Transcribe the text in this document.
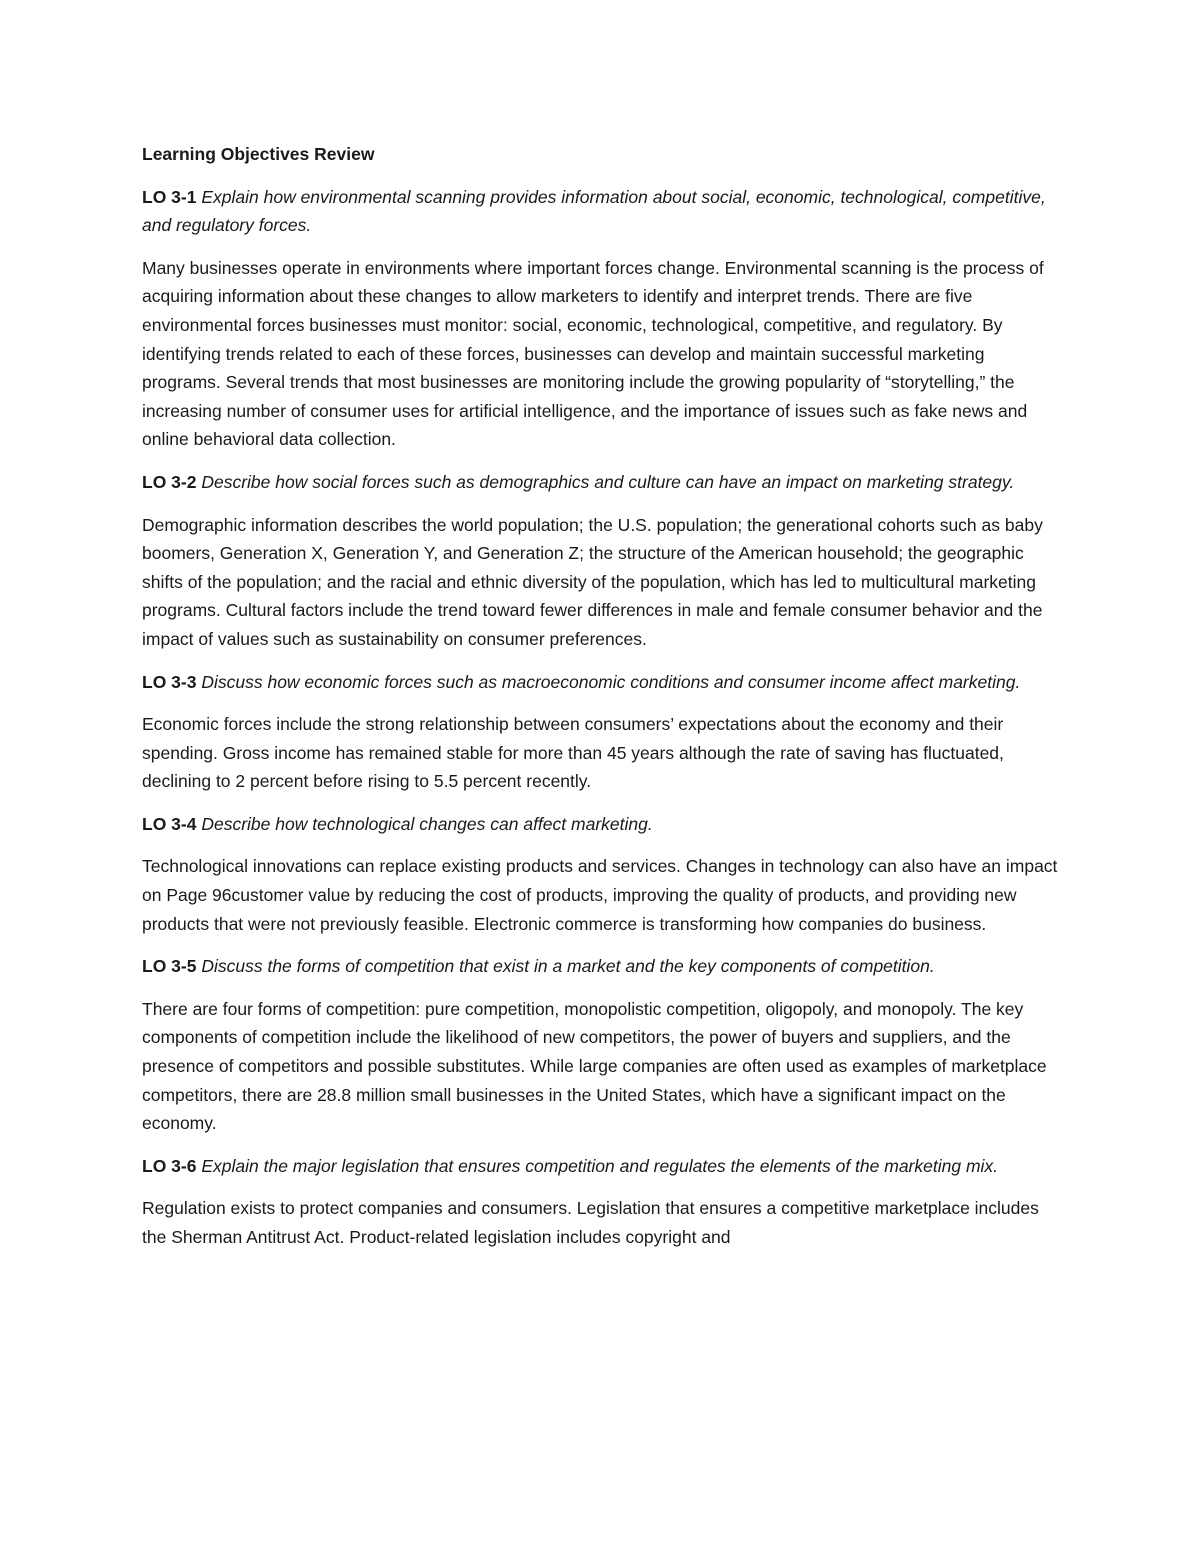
Learning Objectives Review

LO 3-1 Explain how environmental scanning provides information about social, economic, technological, competitive, and regulatory forces.

Many businesses operate in environments where important forces change. Environmental scanning is the process of acquiring information about these changes to allow marketers to identify and interpret trends. There are five environmental forces businesses must monitor: social, economic, technological, competitive, and regulatory. By identifying trends related to each of these forces, businesses can develop and maintain successful marketing programs. Several trends that most businesses are monitoring include the growing popularity of “storytelling,” the increasing number of consumer uses for artificial intelligence, and the importance of issues such as fake news and online behavioral data collection.

LO 3-2 Describe how social forces such as demographics and culture can have an impact on marketing strategy.

Demographic information describes the world population; the U.S. population; the generational cohorts such as baby boomers, Generation X, Generation Y, and Generation Z; the structure of the American household; the geographic shifts of the population; and the racial and ethnic diversity of the population, which has led to multicultural marketing programs. Cultural factors include the trend toward fewer differences in male and female consumer behavior and the impact of values such as sustainability on consumer preferences.

LO 3-3 Discuss how economic forces such as macroeconomic conditions and consumer income affect marketing.

Economic forces include the strong relationship between consumers’ expectations about the economy and their spending. Gross income has remained stable for more than 45 years although the rate of saving has fluctuated, declining to 2 percent before rising to 5.5 percent recently.

LO 3-4 Describe how technological changes can affect marketing.

Technological innovations can replace existing products and services. Changes in technology can also have an impact on Page 96customer value by reducing the cost of products, improving the quality of products, and providing new products that were not previously feasible. Electronic commerce is transforming how companies do business.

LO 3-5 Discuss the forms of competition that exist in a market and the key components of competition.

There are four forms of competition: pure competition, monopolistic competition, oligopoly, and monopoly. The key components of competition include the likelihood of new competitors, the power of buyers and suppliers, and the presence of competitors and possible substitutes. While large companies are often used as examples of marketplace competitors, there are 28.8 million small businesses in the United States, which have a significant impact on the economy.

LO 3-6 Explain the major legislation that ensures competition and regulates the elements of the marketing mix.

Regulation exists to protect companies and consumers. Legislation that ensures a competitive marketplace includes the Sherman Antitrust Act. Product-related legislation includes copyright and
